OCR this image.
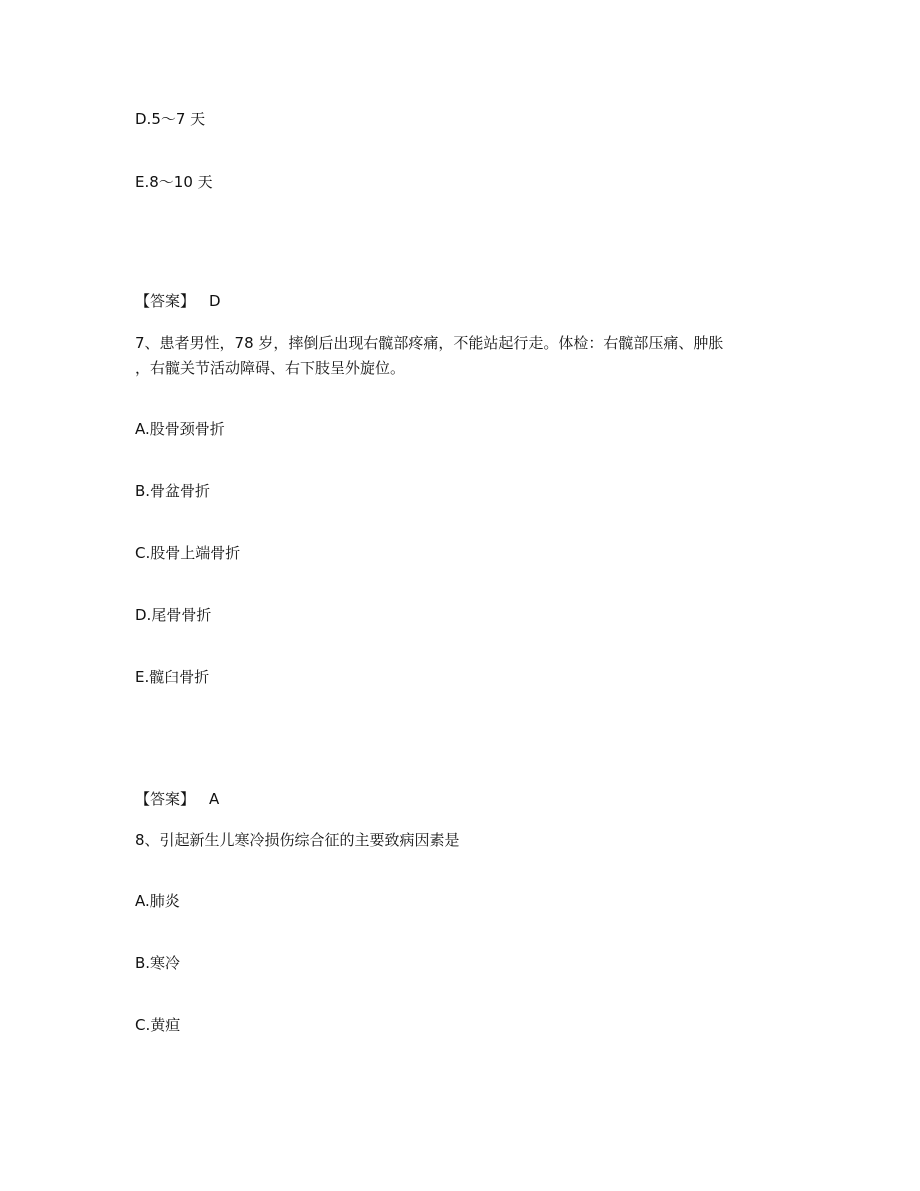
D.5～7 天
E.8～10 天
【答案】 D
7、患者男性，78 岁，摔倒后出现右髋部疼痛，不能站起行走。体检：右髋部压痛、肿胀
，右髋关节活动障碍、右下肢呈外旋位。
A.股骨颈骨折
B.骨盆骨折
C.股骨上端骨折
D.尾骨骨折
E.髋臼骨折
【答案】 A
8、引起新生儿寒冷损伤综合征的主要致病因素是
A.肺炎
B.寒冷
C.黄疸
